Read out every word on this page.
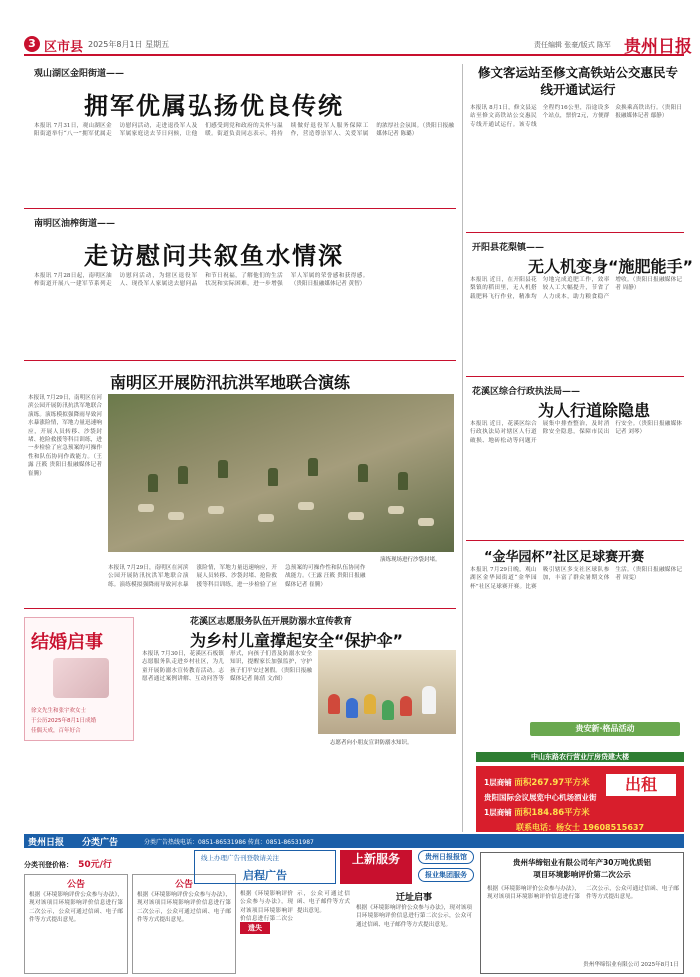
3 区市县 2025年8月1日 星期五	责任编辑 张豪/版式 陈军 贵州日报
观山湖区金阳街道——
拥军优属弘扬优良传统
本报讯 7月31日，观山湖区金阳街道举行“八一”拥军优属走访慰问活动，走进退役军人及军属家庭送去节日问候，让他们感受到党和政府的关怀与温暖。街道负责同志表示，将持续做好退役军人服务保障工作，营造尊崇军人、关爱军属的浓厚社会氛围。（贵阳日报融媒体记者 陈璐）
南明区油榨街道——
走访慰问共叙鱼水情深
本报讯 7月28日起，南明区油榨街道开展八一建军节系列走访慰问活动，为辖区退役军人、现役军人家属送去慰问品和节日祝福，了解他们的生活状况和实际困难，进一步增强军人军属的荣誉感和获得感。（贵阳日报融媒体记者 黄智）
南明区开展防汛抗洪军地联合演练
本报讯 7月29日，南明区在河滨公园开展防汛抗洪军地联合演练。演练模拟强降雨导致河水暴涨险情，军地力量迅速响应，开展人员转移、沙袋封堵、抢险救援等科目训练，进一步检验了应急预案的可操作性和队伍协同作战能力。（王露 汪筱 贵阳日报融媒体记者 崔腾）
演练现场进行沙袋封堵。
本报讯 7月29日，南明区在河滨公园开展防汛抗洪军地联合演练。演练模拟强降雨导致河水暴涨险情，军地力量迅速响应，开展人员转移、沙袋封堵、抢险救援等科目训练，进一步检验了应急预案的可操作性和队伍协同作战能力。（王露 汪筱 贵阳日报融媒体记者 崔腾）
结婚启事
徐文先生和张宇欢女士
于公历2025年8月1日成婚
佳偶天成，百年好合
花溪区志愿服务队伍开展防溺水宣传教育
为乡村儿童撑起安全“保护伞”
本报讯 7月30日，花溪区石板镇志愿服务队走进乡村社区，为儿童开展防溺水宣传教育活动。志愿者通过案例讲解、互动问答等形式，向孩子们普及防溺水安全知识，提醒家长加强监护，守护孩子们平安过暑假。（贵阳日报融媒体记者 陈倩 文/图）
志愿者向小朋友宣讲防溺水知识。
修文客运站至修文高铁站公交惠民专线开通试运行
本报讯 8月1日，修文县运站至修文高铁站公交惠民专线开通试运行。该专线全程约16公里，沿途设多个站点，票价2元，方便群众换乘高铁出行。（贵阳日报融媒体记者 鄢静）
开阳县花梨镇——
无人机变身“施肥能手”
本报讯 近日，在开阳县花梨镇的稻田里，无人机搭载肥料飞行作业，精准均匀地完成追肥工作，效率较人工大幅提升，节省了人力成本，助力粮食稳产增收。（贵阳日报融媒体记者 周静）
花溪区综合行政执法局——
为人行道除隐患
本报讯 近日，花溪区综合行政执法局对辖区人行道破损、地砖松动等问题开展集中排查整治，及时消除安全隐患，保障市民出行安全。（贵阳日报融媒体记者 刘琴）
“金华园杯”社区足球赛开赛
本报讯 7月29日晚，观山湖区金华园街道“金华园杯”社区足球赛开赛。比赛吸引辖区多支社区球队参加，丰富了群众暑期文体生活。（贵阳日报融媒体记者 周雯）
贵安新·格品活动
中山东路农行营业厅房贷建大楼
出租
1层商铺 面积267.97平方米
贵阳国际会议展览中心机场酒业街
1层商铺 面积184.86平方米
联系电话：杨女士 19608515637
贵州日报 分类广告	分类广告热线电话：0851-86531986 传真：0851-86531987
分类刊登价格： 50元/行
公告
根据《环境影响评价公众参与办法》，现对该项目环境影响评价信息进行第二次公示，公众可通过信函、电子邮件等方式提出意见。
公告
根据《环境影响评价公众参与办法》，现对该项目环境影响评价信息进行第二次公示，公众可通过信函、电子邮件等方式提出意见。
线上办理广告刊登敬请关注
启程广告
上新服务	贵州日报报馆
报业集团服务
根据《环境影响评价公众参与办法》，现对该项目环境影响评价信息进行第二次公示，公众可通过信函、电子邮件等方式提出意见。
遗失
迁址启事
根据《环境影响评价公众参与办法》，现对该项目环境影响评价信息进行第二次公示，公众可通过信函、电子邮件等方式提出意见。
贵州华缔铝业有限公司年产30万吨优质铝
项目环境影响评价第二次公示
根据《环境影响评价公众参与办法》，现对该项目环境影响评价信息进行第二次公示，公众可通过信函、电子邮件等方式提出意见。
贵州华缔铝业有限公司 2025年8月1日
